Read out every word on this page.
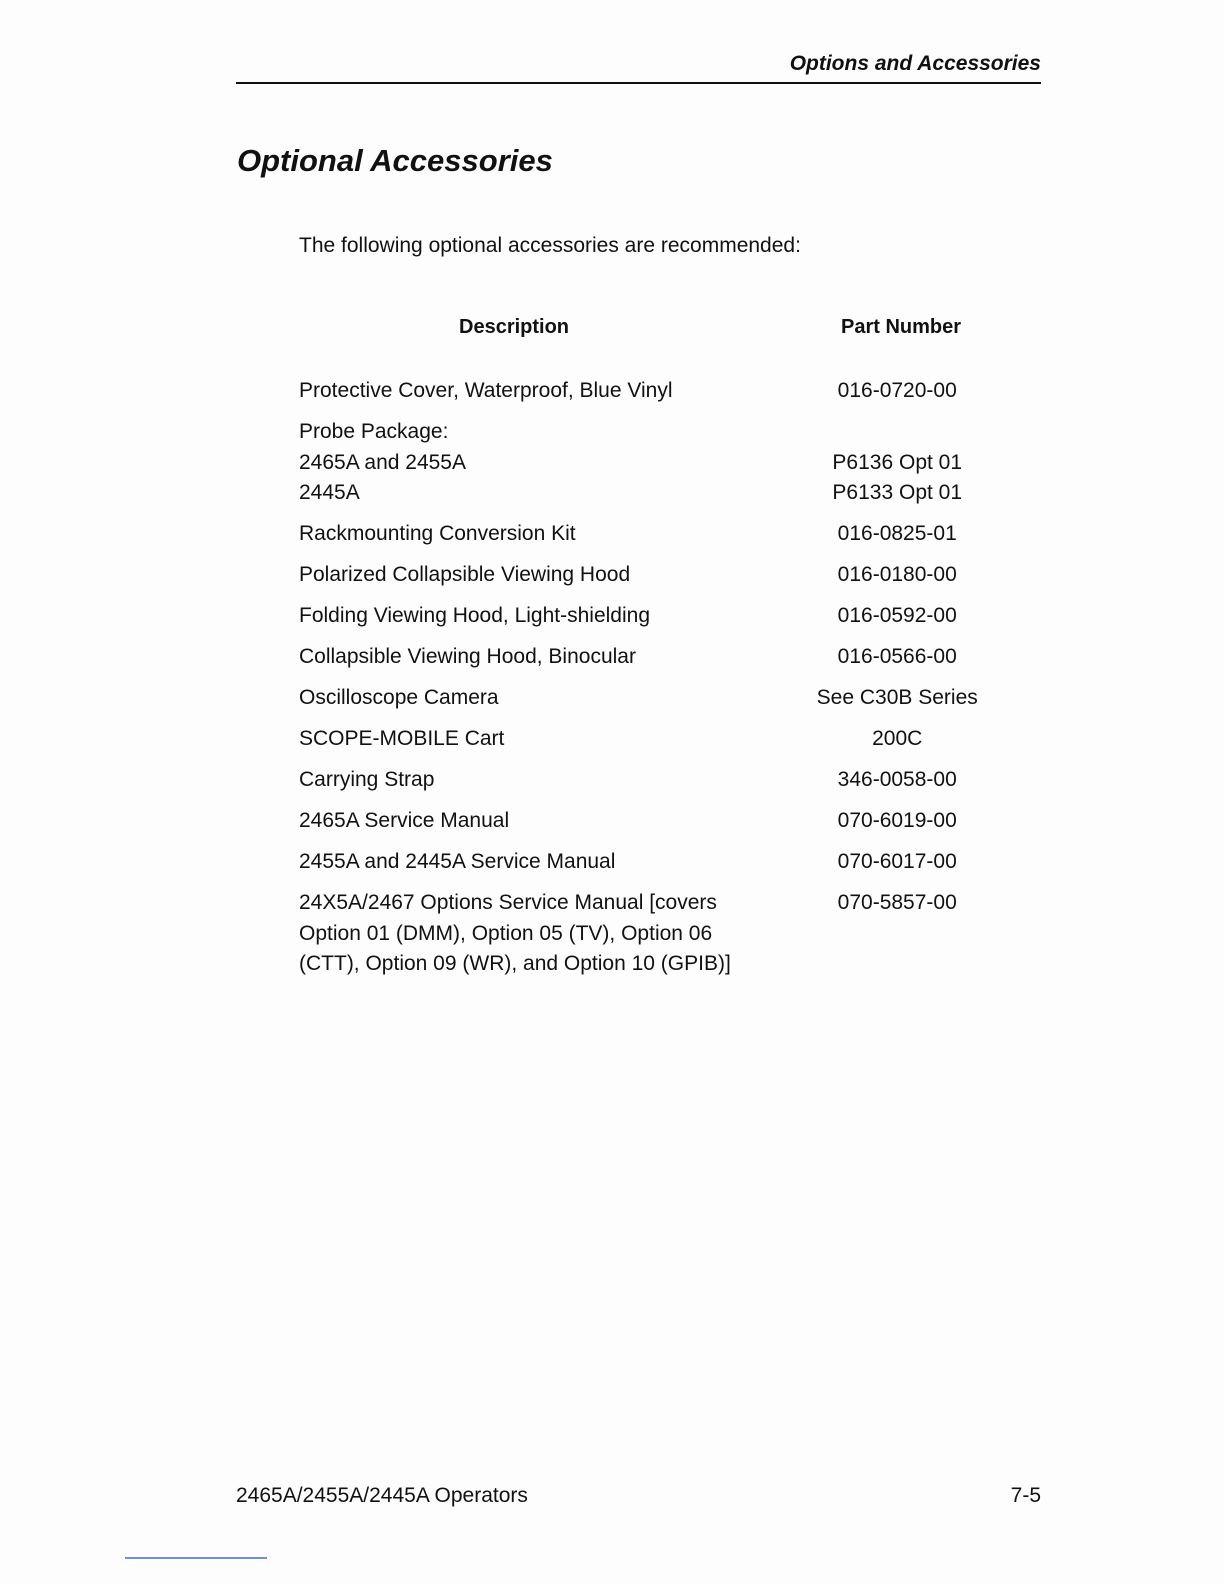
Options and Accessories
Optional Accessories

The following optional accessories are recommended:

Description	Part Number
Protective Cover, Waterproof, Blue Vinyl	016-0720-00
Probe Package:
2465A and 2455A	P6136 Opt 01
2445A	P6133 Opt 01
Rackmounting Conversion Kit	016-0825-01
Polarized Collapsible Viewing Hood	016-0180-00
Folding Viewing Hood, Light-shielding	016-0592-00
Collapsible Viewing Hood, Binocular	016-0566-00
Oscilloscope Camera	See C30B Series
SCOPE-MOBILE Cart	200C
Carrying Strap	346-0058-00
2465A Service Manual	070-6019-00
2455A and 2445A Service Manual	070-6017-00
24X5A/2467 Options Service Manual [covers	070-5857-00
Option 01 (DMM), Option 05 (TV), Option 06
(CTT), Option 09 (WR), and Option 10 (GPIB)]
2465A/2455A/2445A Operators	7-5
